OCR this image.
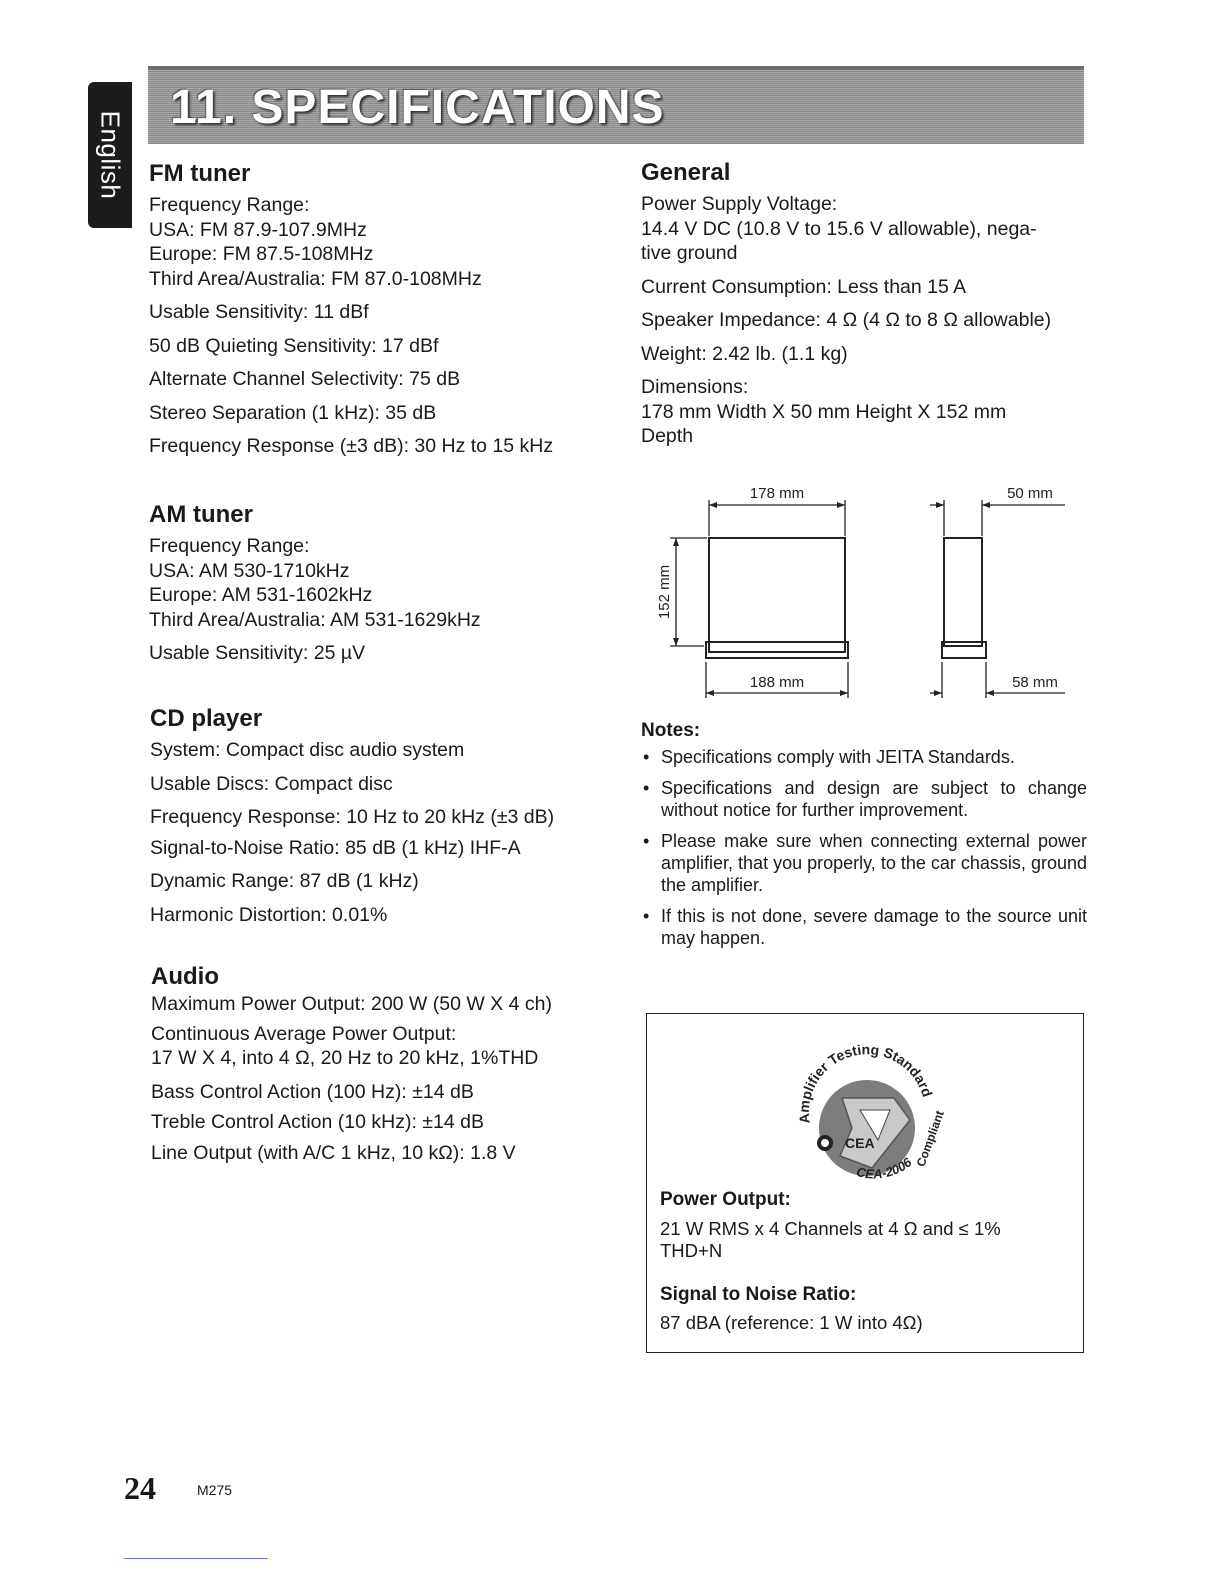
English
11. SPECIFICATIONS
FM tuner
Frequency Range:
USA: FM 87.9-107.9MHz
Europe: FM 87.5-108MHz
Third Area/Australia: FM 87.0-108MHz
Usable Sensitivity: 11 dBf
50 dB Quieting Sensitivity: 17 dBf
Alternate Channel Selectivity: 75 dB
Stereo Separation (1 kHz): 35 dB
Frequency Response (±3 dB): 30 Hz to 15 kHz
AM tuner
Frequency Range:
USA: AM 530-1710kHz
Europe: AM 531-1602kHz
Third Area/Australia: AM 531-1629kHz
Usable Sensitivity: 25 µV
CD player
System: Compact disc audio system
Usable Discs: Compact disc
Frequency Response: 10 Hz to 20 kHz (±3 dB)
Signal-to-Noise Ratio: 85 dB (1 kHz) IHF-A
Dynamic Range: 87 dB (1 kHz)
Harmonic Distortion: 0.01%
Audio
Maximum Power Output: 200 W (50 W X 4 ch)
Continuous Average Power Output:
17 W X 4, into 4 Ω, 20 Hz to 20 kHz, 1%THD
Bass Control Action (100 Hz): ±14 dB
Treble Control Action (10 kHz): ±14 dB
Line Output (with A/C 1 kHz, 10 kΩ): 1.8 V
General
Power Supply Voltage:
14.4 V DC (10.8 V to 15.6 V allowable), nega-
tive ground
Current Consumption: Less than 15 A
Speaker Impedance: 4 Ω (4 Ω to 8 Ω allowable)
Weight: 2.42 lb. (1.1 kg)
Dimensions:
178 mm Width X 50 mm Height X 152 mm
Depth
178 mm	50 mm
188 mm	58 mm
152 mm
Notes:
• Specifications comply with JEITA Standards.
• Specifications and design are subject to change without notice for further improvement.
• Please make sure when connecting external power amplifier, that you properly, to the car chassis, ground the amplifier.
• If this is not done, severe damage to the source unit may happen.
CEA
Amplifier Testing Standard
Compliant
CEA-2006
Power Output:
21 W RMS x 4 Channels at 4 Ω and ≤ 1% THD+N
Signal to Noise Ratio:
87 dBA (reference: 1 W into 4Ω)
24	M275
